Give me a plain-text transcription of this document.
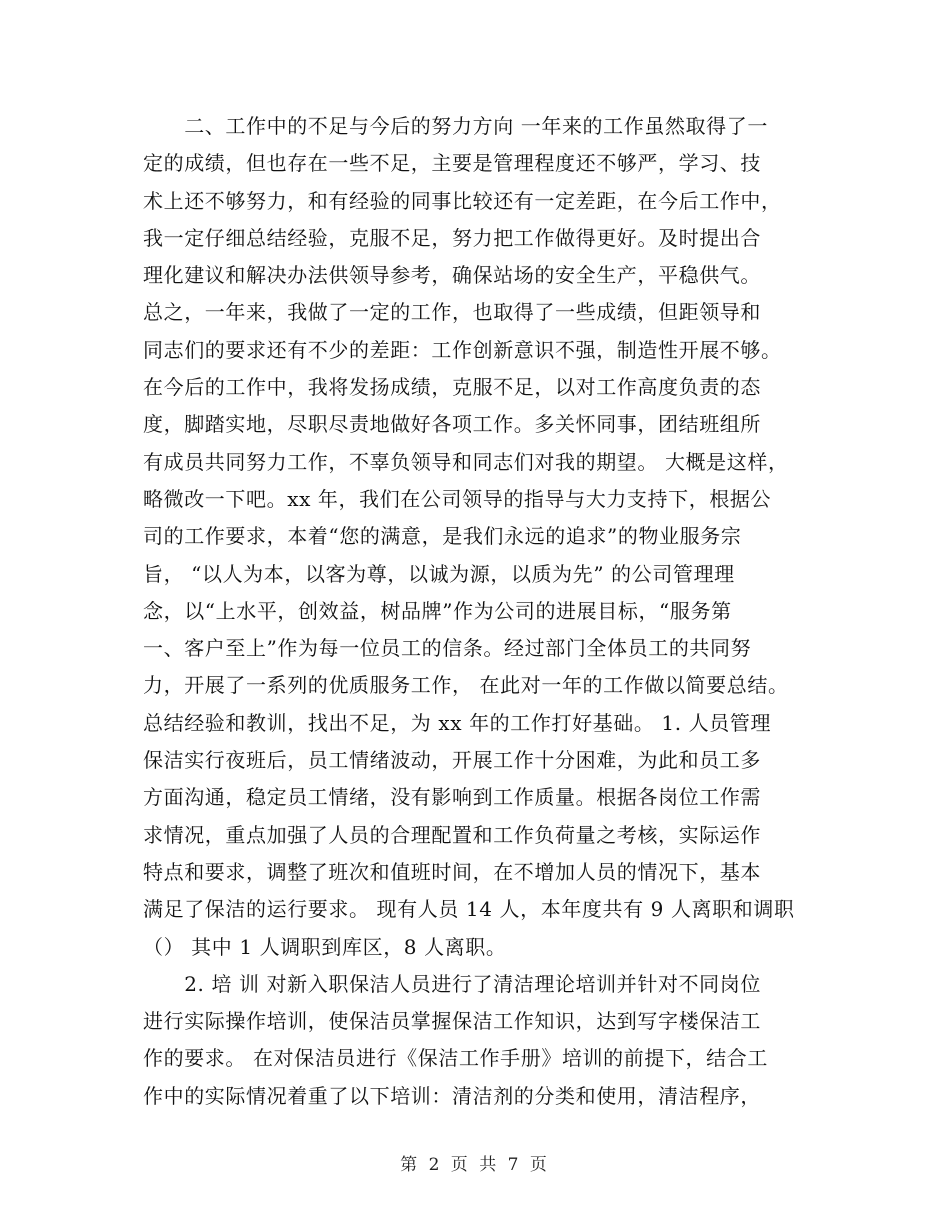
　　二、工作中的不足与今后的努力方向 一年来的工作虽然取得了一
定的成绩，但也存在一些不足，主要是管理程度还不够严，学习、技
术上还不够努力，和有经验的同事比较还有一定差距，在今后工作中，
我一定仔细总结经验，克服不足，努力把工作做得更好。及时提出合
理化建议和解决办法供领导参考，确保站场的安全生产，平稳供气。
总之，一年来，我做了一定的工作，也取得了一些成绩，但距领导和
同志们的要求还有不少的差距：工作创新意识不强，制造性开展不够。
在今后的工作中，我将发扬成绩，克服不足，以对工作高度负责的态
度，脚踏实地，尽职尽责地做好各项工作。多关怀同事，团结班组所
有成员共同努力工作，不辜负领导和同志们对我的期望。 大概是这样，
略微改一下吧。xx 年，我们在公司领导的指导与大力支持下，根据公
司的工作要求，本着“您的满意，是我们永远的追求”的物业服务宗
旨， “以人为本，以客为尊，以诚为源，以质为先” 的公司管理理
念，以“上水平，创效益，树品牌”作为公司的进展目标，“服务第
一、客户至上”作为每一位员工的信条。经过部门全体员工的共同努
力，开展了一系列的优质服务工作， 在此对一年的工作做以简要总结。
总结经验和教训，找出不足，为 xx 年的工作打好基础。 1. 人员管理
保洁实行夜班后，员工情绪波动，开展工作十分困难，为此和员工多
方面沟通，稳定员工情绪，没有影响到工作质量。根据各岗位工作需
求情况，重点加强了人员的合理配置和工作负荷量之考核，实际运作
特点和要求，调整了班次和值班时间，在不增加人员的情况下，基本
满足了保洁的运行要求。 现有人员 14 人，本年度共有 9 人离职和调职
（） 其中 1 人调职到库区，8 人离职。
　　2. 培 训 对新入职保洁人员进行了清洁理论培训并针对不同岗位
进行实际操作培训，使保洁员掌握保洁工作知识，达到写字楼保洁工
作的要求。 在对保洁员进行《保洁工作手册》培训的前提下，结合工
作中的实际情况着重了以下培训：清洁剂的分类和使用，清洁程序，
第 2 页 共 7 页
